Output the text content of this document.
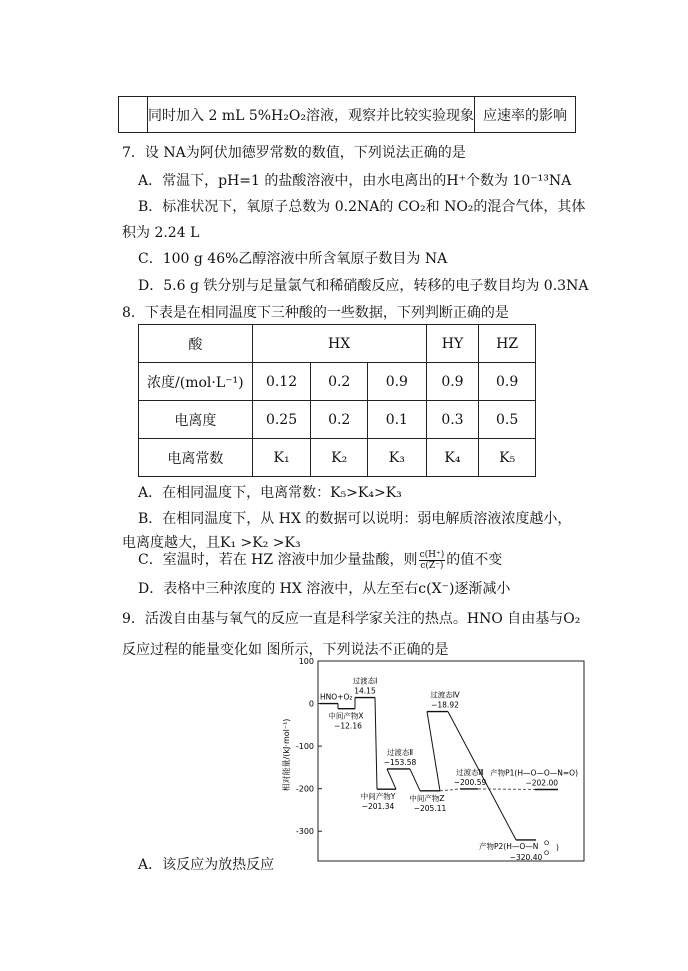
	同时加入 2 mL 5%H₂O₂溶液，观察并比较实验现象	应速率的影响
7．设 NA为阿伏加德罗常数的数值，下列说法正确的是
A．常温下，pH=1 的盐酸溶液中，由水电离出的H⁺个数为 10⁻¹³NA
B．标准状况下，氧原子总数为 0.2NA的 CO₂和 NO₂的混合气体，其体
积为 2.24 L
C．100 g 46%乙醇溶液中所含氧原子数目为 NA
D．5.6 g 铁分别与足量氯气和稀硝酸反应，转移的电子数目均为 0.3NA
8．下表是在相同温度下三种酸的一些数据，下列判断正确的是
酸	HX			HY	HZ
浓度/(mol·L⁻¹)	0.12	0.2	0.9	0.9	0.9
电离度	0.25	0.2	0.1	0.3	0.5
电离常数	K₁	K₂	K₃	K₄	K₅
A．在相同温度下，电离常数：K₅>K₄>K₃
B．在相同温度下，从 HX 的数据可以说明：弱电解质溶液浓度越小，
电离度越大，且K₁ >K₂ >K₃
C．室温时，若在 HZ 溶液中加少量盐酸，则 $\frac{c(H^+)}{c(Z^-)}$ 的值不变
D．表格中三种浓度的 HX 溶液中，从左至右c(X⁻)逐渐减小
9．活泼自由基与氧气的反应一直是科学家关注的热点。HNO 自由基与O₂
反应过程的能量变化如 图所示，下列说法不正确的是
A．该反应为放热反应
100
0
-100
-200
-300
相对能量/(kJ·mol⁻¹)
HNO+O₂
过渡态Ⅰ
14.15
中间产物X
−12.16
中间产物Y
−201.34
过渡态Ⅱ
−153.58
中间产物Z
−205.11
过渡态Ⅳ
−18.92
过渡态Ⅲ
−200.59
产物P1(H—O—O—N=O)
−202.00
产物P2(H—O—N
−320.40
O
O
)
